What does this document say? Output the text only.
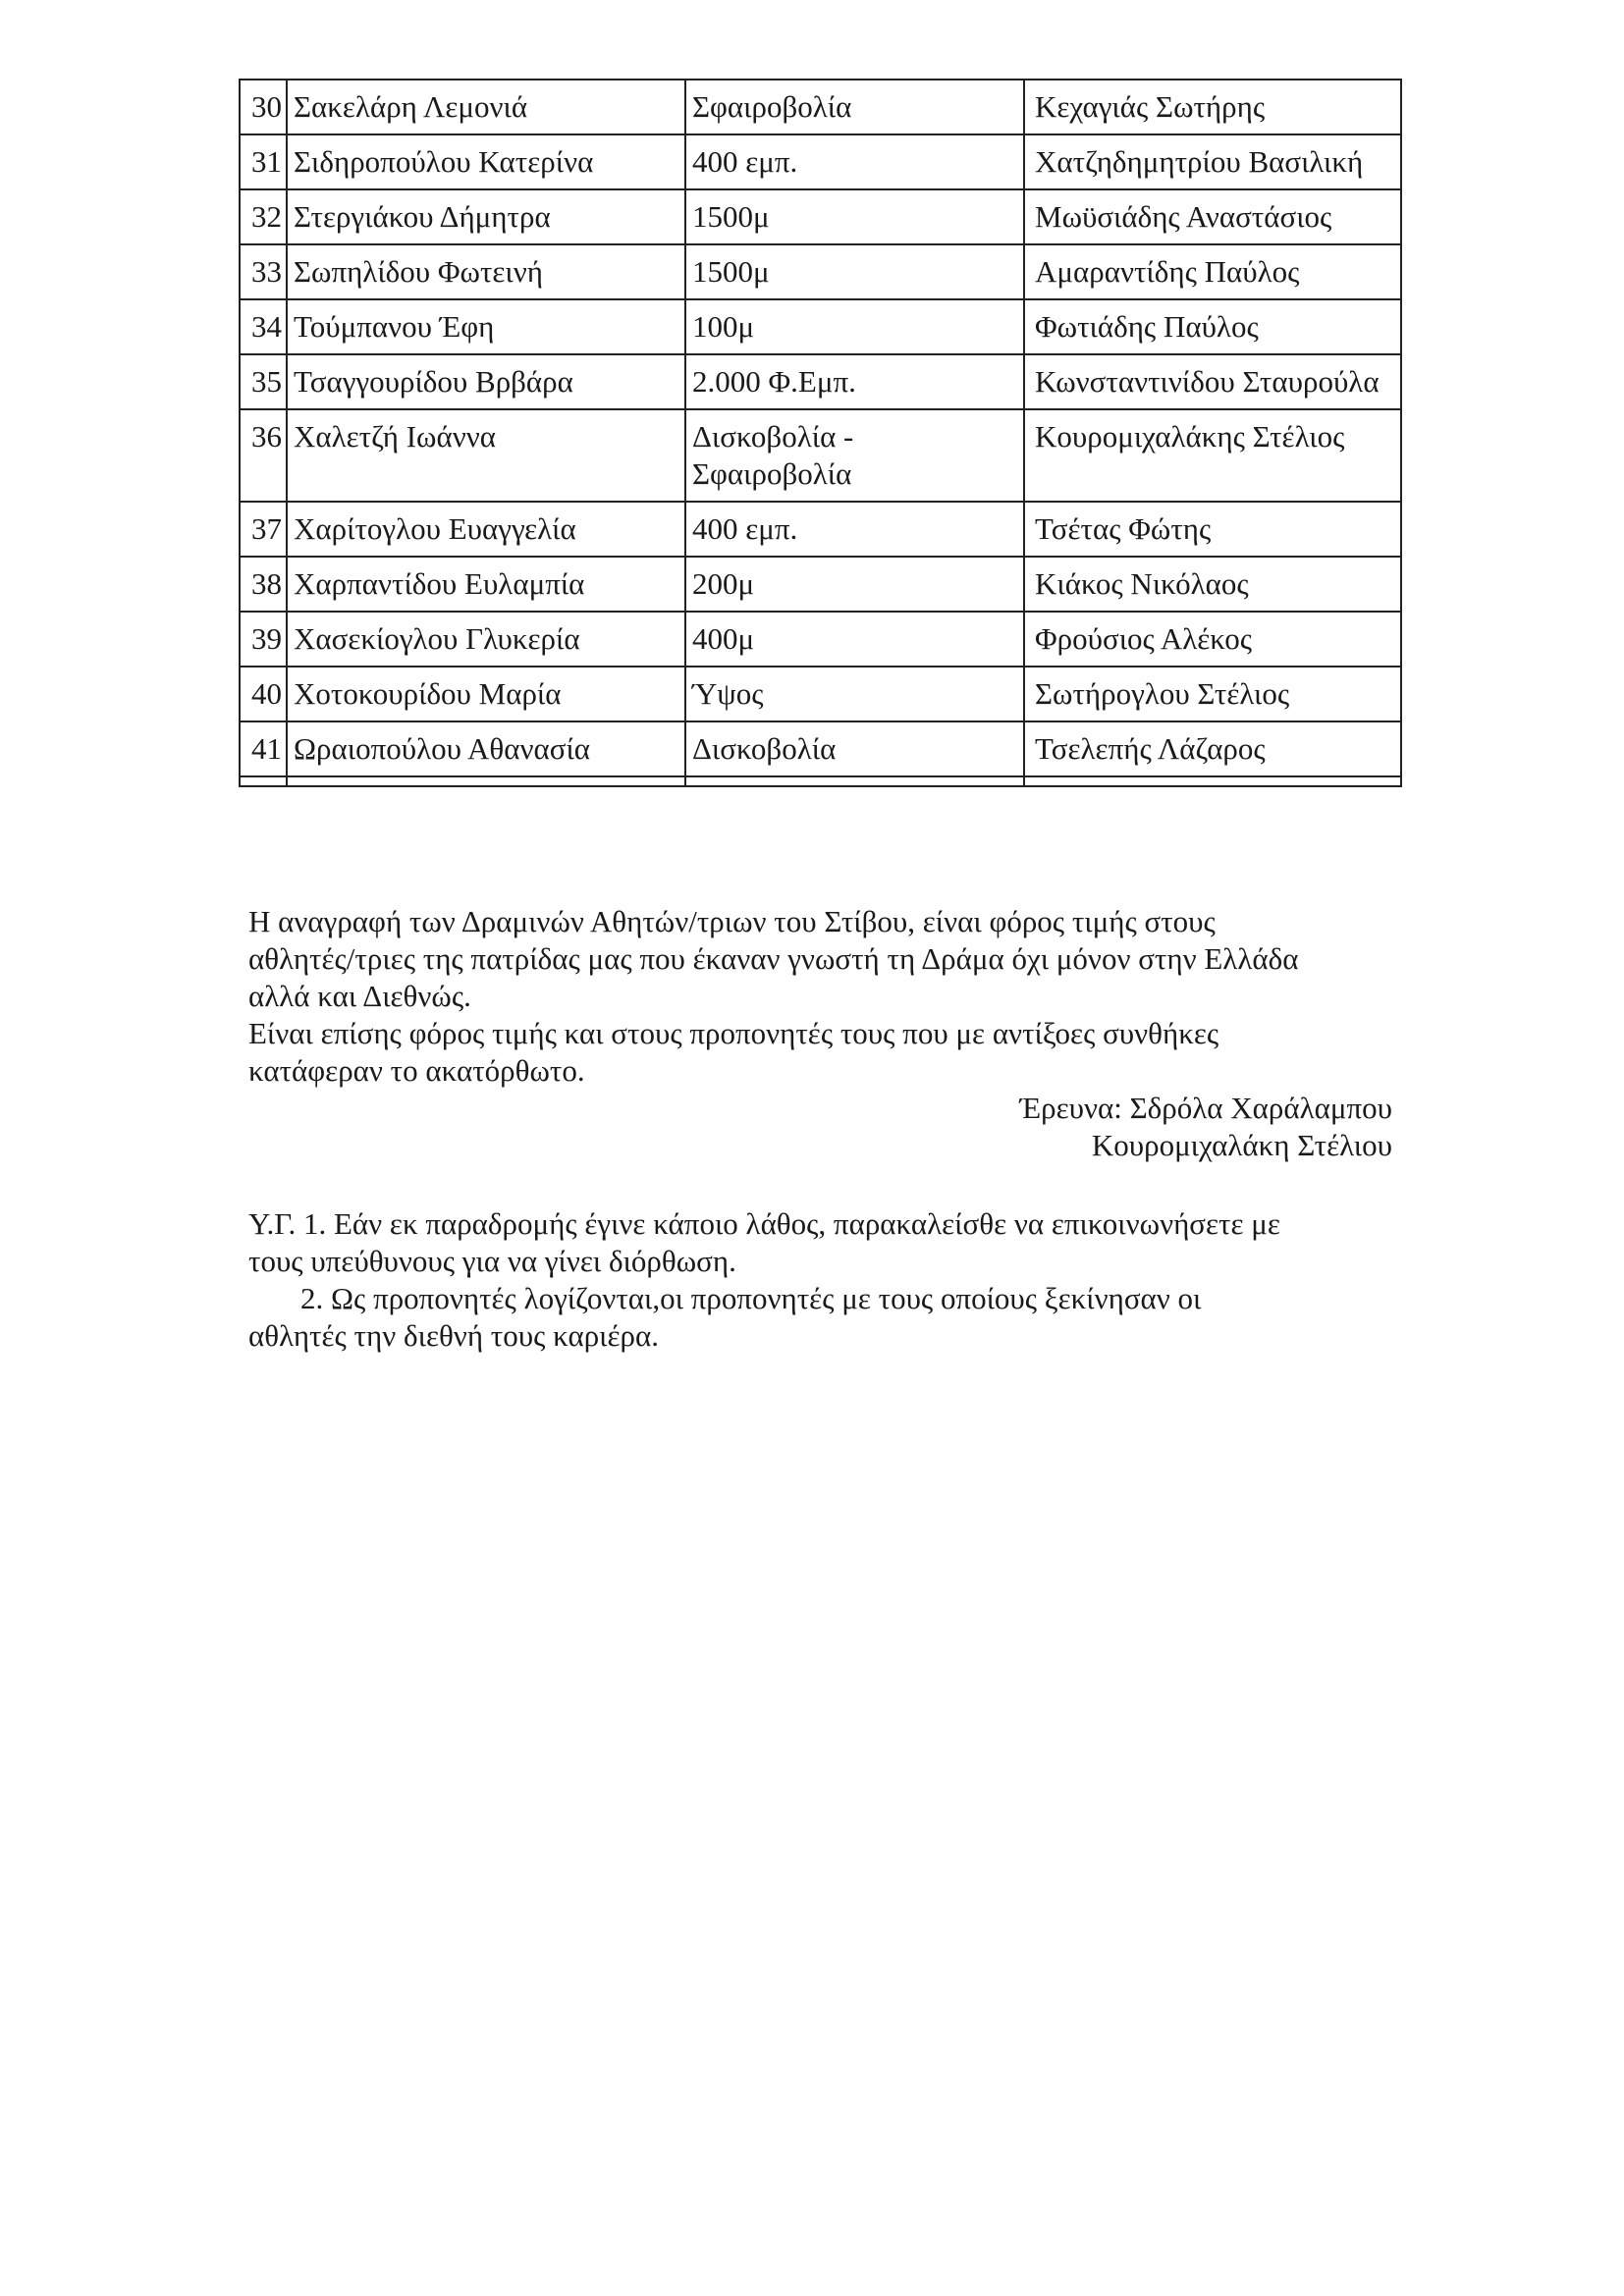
30	Σακελάρη Λεμονιά	Σφαιροβολία	Κεχαγιάς Σωτήρης
31	Σιδηροπούλου Κατερίνα	400 εμπ.	Χατζηδημητρίου Βασιλική
32	Στεργιάκου Δήμητρα	1500μ	Μωϋσιάδης Αναστάσιος
33	Σωπηλίδου Φωτεινή	1500μ	Αμαραντίδης Παύλος
34	Τούμπανου Έφη	100μ	Φωτιάδης Παύλος
35	Τσαγγουρίδου Βρβάρα	2.000 Φ.Εμπ.	Κωνσταντινίδου Σταυρούλα
36	Χαλετζή Ιωάννα	Δισκοβολία - Σφαιροβολία	Κουρομιχαλάκης Στέλιος
37	Χαρίτογλου Ευαγγελία	400 εμπ.	Τσέτας Φώτης
38	Χαρπαντίδου Ευλαμπία	200μ	Κιάκος Νικόλαος
39	Χασεκίογλου Γλυκερία	400μ	Φρούσιος Αλέκος
40	Χοτοκουρίδου Μαρία	Ύψος	Σωτήρογλου Στέλιος
41	Ωραιοπούλου Αθανασία	Δισκοβολία	Τσελεπής Λάζαρος

Η αναγραφή των Δραμινών Αθητών/τριων του Στίβου, είναι φόρος τιμής στους

αθλητές/τριες της πατρίδας μας που έκαναν γνωστή τη Δράμα όχι μόνον στην Ελλάδα

αλλά και Διεθνώς.

Είναι επίσης φόρος τιμής και στους προπονητές τους που με αντίξοες συνθήκες

κατάφεραν το ακατόρθωτο.

Έρευνα: Σδρόλα Χαράλαμπου
Κουρομιχαλάκη Στέλιου

Υ.Γ. 1. Εάν εκ παραδρομής έγινε κάποιο λάθος, παρακαλείσθε να επικοινωνήσετε με

τους υπεύθυνους για να γίνει διόρθωση.

2. Ως προπονητές λογίζονται,οι προπονητές με τους οποίους ξεκίνησαν οι

αθλητές την διεθνή τους καριέρα.
